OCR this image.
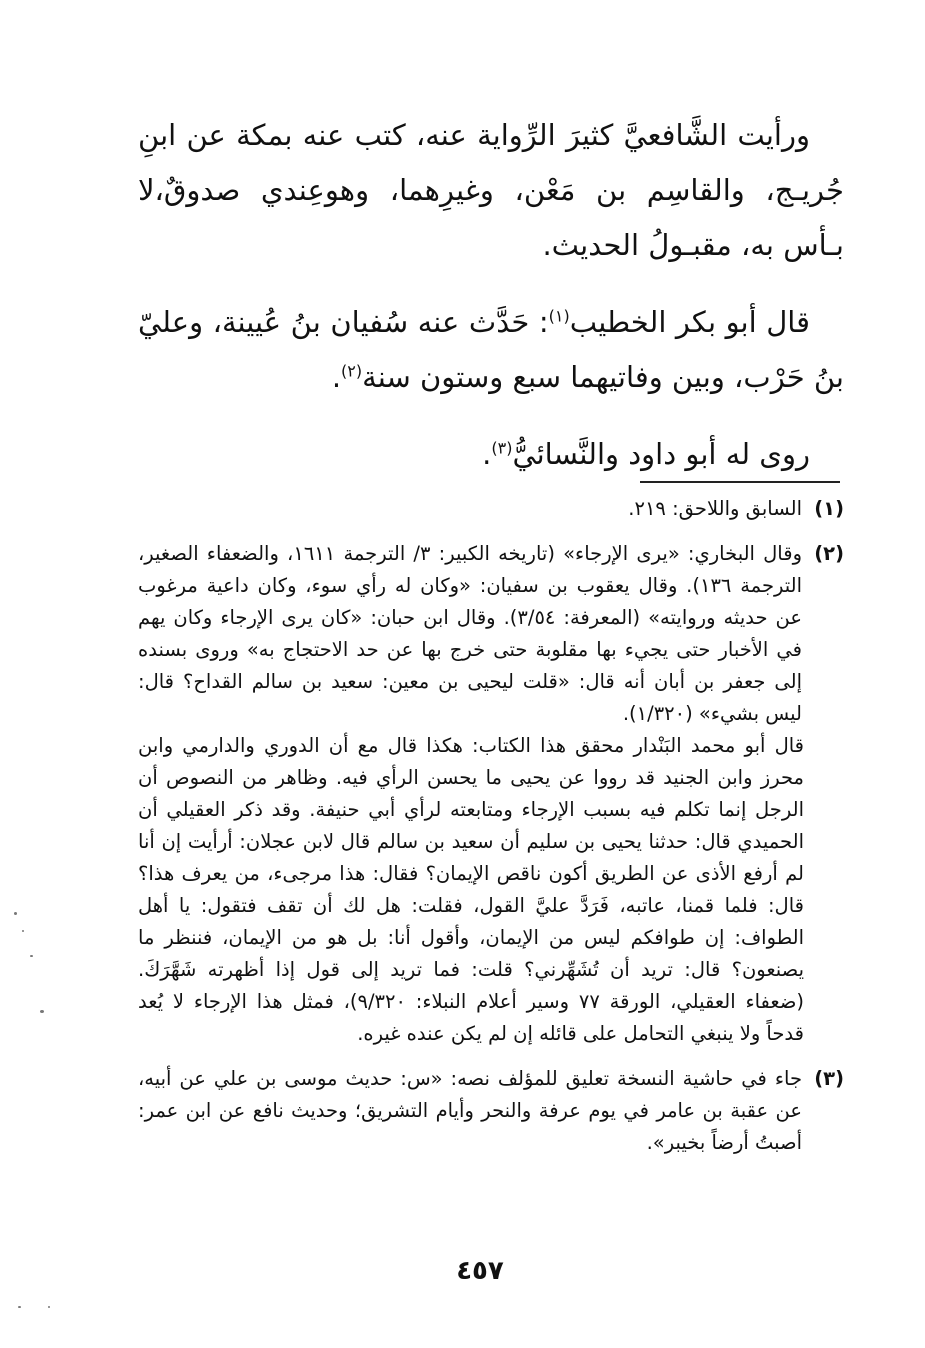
ورأيت الشَّافعيَّ كثيرَ الرِّواية عنه، كتب عنه بمكة عن ابنِ جُريـج، والقاسِم بن مَعْن، وغيرِهما، وهوعِندي صدوقٌ،لا بـأس به، مقبـولُ الحديث.

قال أبو بكر الخطيب$^{(١)}$: حَدَّث عنه سُفيان بنُ عُيينة، وعليّ بنُ حَرْب، وبين وفاتيهما سبع وستون سنة$^{(٢)}$.

روى له أبو داود والنَّسائيُّ$^{(٣)}$.

(١)
السابق واللاحق: ٢١٩.
(٢)
وقال البخاري: «يرى الإرجاء» (تاريخه الكبير: ٣/ الترجمة ١٦١١، والضعفاء الصغير، الترجمة ١٣٦). وقال يعقوب بن سفيان: «وكان له رأي سوء، وكان داعية مرغوب عن حديثه وروايته» (المعرفة: ٣/٥٤). وقال ابن حبان: «كان يرى الإرجاء وكان يهم في الأخبار حتى يجيء بها مقلوبة حتى خرج بها عن حد الاحتجاج به» وروى بسنده إلى جعفر بن أبان أنه قال: «قلت ليحيى بن معين: سعيد بن سالم القداح؟ قال: ليس بشيء» (١/٣٢٠).
قال أبو محمد البَنْدار محقق هذا الكتاب: هكذا قال مع أن الدوري والدارمي وابن محرز وابن الجنيد قد رووا عن يحيى ما يحسن الرأي فيه. وظاهر من النصوص أن الرجل إنما تكلم فيه بسبب الإرجاء ومتابعته لرأي أبي حنيفة. وقد ذكر العقيلي أن الحميدي قال: حدثنا يحيى بن سليم أن سعيد بن سالم قال لابن عجلان: أرأيت إن أنا لم أرفع الأذى عن الطريق أكون ناقص الإيمان؟ فقال: هذا مرجىء، من يعرف هذا؟ قال: فلما قمنا، عاتبه، فَرَدَّ عليَّ القول، فقلت: هل لك أن تقف فتقول: يا أهل الطواف: إن طوافكم ليس من الإيمان، وأقول أنا: بل هو من الإيمان، فننظر ما يصنعون؟ قال: تريد أن تُشَهِّرني؟ قلت: فما تريد إلى قول إذا أظهرته شَهَّرَكَ. (ضعفاء العقيلي، الورقة ٧٧ وسير أعلام النبلاء: ٩/٣٢٠)، فمثل هذا الإرجاء لا يُعد قدحاً ولا ينبغي التحامل على قائله إن لم يكن عنده غيره.
(٣)
جاء في حاشية النسخة تعليق للمؤلف نصه: «س: حديث موسى بن علي عن أبيه، عن عقبة بن عامر في يوم عرفة والنحر وأيام التشريق؛ وحديث نافع عن ابن عمر: أصبتُ أرضاً بخيبر».
٤٥٧
